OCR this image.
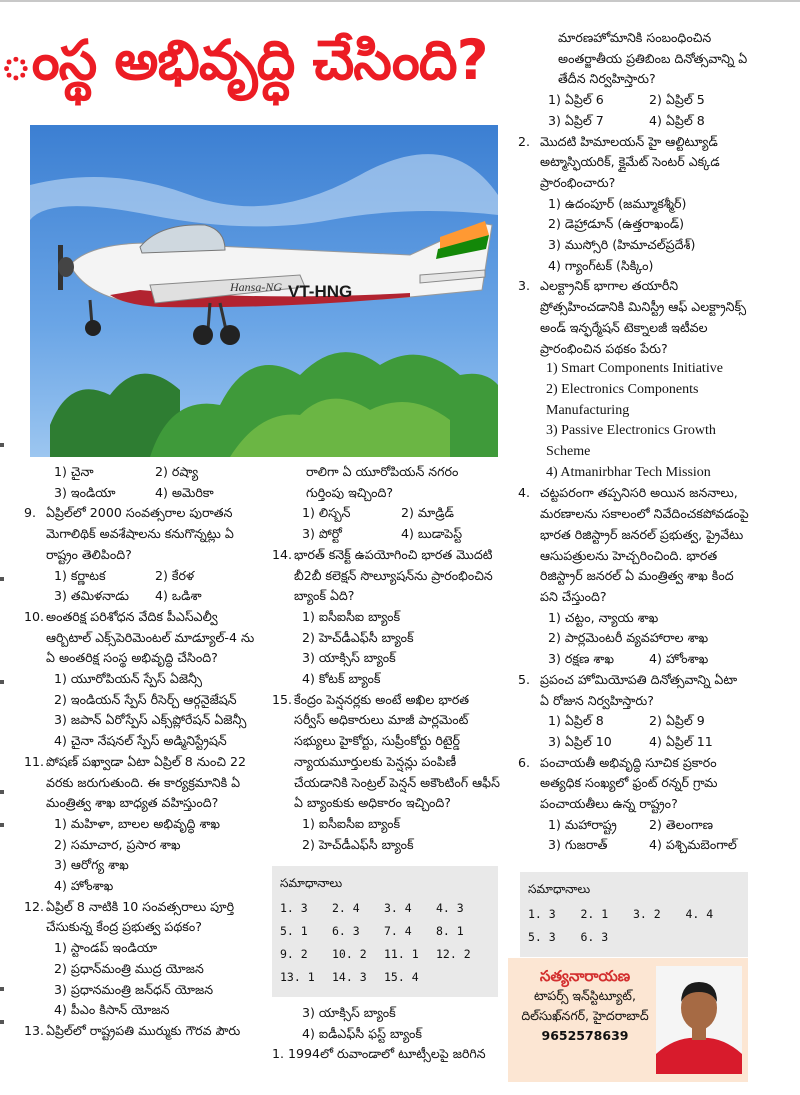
ంస్థ అభివృద్ధి చేసింది?
Hansa-NG VT-HNG
1) చైనా	2) రష్యా
3) ఇండియా	4) అమెరికా
9. ఏప్రిల్‌లో 2000 సంవత్సరాల పురాతన మెగాలిథిక్ అవశేషాలను కనుగొన్నట్లు ఏ రాష్ట్రం తెలిపింది?
1) కర్ణాటక	2) కేరళ
3) తమిళనాడు	4) ఒడిశా
10. అంతరిక్ష పరిశోధన వేదిక పీఎస్ఎల్వీ ఆర్బిటాల్ ఎక్స్‌పెరిమెంటల్ మాడ్యూల్-4 ను ఏ అంతరిక్ష సంస్థ అభివృద్ధి చేసింది?
1) యూరోపియన్ స్పేస్ ఏజెన్సీ
2) ఇండియన్ స్పేస్ రీసెర్చ్ ఆర్గనైజేషన్
3) జపాన్ ఏరోస్పేస్ ఎక్స్‌ప్లోరేషన్ ఏజెన్సీ
4) చైనా నేషనల్ స్పేస్ అడ్మినిస్ట్రేషన్
11. పోషణ్ పఖ్వాడా ఏటా ఏప్రిల్ 8 నుంచి 22 వరకు జరుగుతుంది. ఈ కార్యక్రమానికి ఏ మంత్రిత్వ శాఖ బాధ్యత వహిస్తుంది?
1) మహిళా, బాలల అభివృద్ధి శాఖ
2) సమాచార, ప్రసార శాఖ
3) ఆరోగ్య శాఖ
4) హోంశాఖ
12. ఏప్రిల్ 8 నాటికి 10 సంవత్సరాలు పూర్తి చేసుకున్న కేంద్ర ప్రభుత్వ పథకం?
1) స్టాండప్ ఇండియా
2) ప్రధాన్‌మంత్రి ముద్ర యోజన
3) ప్రధానమంత్రి జన్‌ధన్ యోజన
4) పీఎం కిసాన్ యోజన
13. ఏప్రిల్‌లో రాష్ట్రపతి ముర్ముకు గౌరవ పౌరు
రాలిగా ఏ యూరోపియన్ నగరం గుర్తింపు ఇచ్చింది?
1) లిస్బన్	2) మాడ్రిడ్
3) పోర్టో	4) బుడాపెస్ట్
14. భారత్ కనెక్ట్ ఉపయోగించి భారత మొదటి బీ2బీ కలెక్షన్ సొల్యూషన్‌ను ప్రారంభించిన బ్యాంక్ ఏది?
1) ఐసీఐసీఐ బ్యాంక్
2) హెచ్‌డీఎఫ్‌సీ బ్యాంక్
3) యాక్సిస్ బ్యాంక్
4) కోటక్ బ్యాంక్
15. కేంద్రం పెన్షనర్లకు అంటే అఖిల భారత సర్వీస్ అధికారులు మాజీ పార్లమెంట్ సభ్యులు హైకోర్టు, సుప్రీంకోర్టు రిటైర్డ్ న్యాయమూర్తులకు పెన్షన్లు పంపిణీ చేయడానికి సెంట్రల్ పెన్షన్ అకౌంటింగ్ ఆఫీస్ ఏ బ్యాంకుకు అధికారం ఇచ్చింది?
1) ఐసీఐసీఐ బ్యాంక్
2) హెచ్‌డీఎఫ్‌సీ బ్యాంక్
సమాధానాలు
1. 3	2. 4	3. 4	4. 3
5. 1	6. 3	7. 4	8. 1
9. 2	10. 2	11. 1	12. 2
13. 1	14. 3	15. 4
3) యాక్సిస్ బ్యాంక్
4) ఐడీఎఫ్‌సీ ఫస్ట్ బ్యాంక్
1. 1994లో రువాండాలో టూట్సీలపై జరిగిన
మారణహోమానికి సంబంధించిన అంతర్జాతీయ ప్రతిబింబ దినోత్సవాన్ని ఏ తేదీన నిర్వహిస్తారు?
1) ఏప్రిల్ 6	2) ఏప్రిల్ 5
3) ఏప్రిల్ 7	4) ఏప్రిల్ 8
2. మొదటి హిమాలయన్ హై ఆల్టిట్యూడ్ అట్మాస్ఫియరిక్, క్లైమేట్ సెంటర్ ఎక్కడ ప్రారంభించారు?
1) ఉదంపూర్ (జమ్మూకశ్మీర్)
2) డెహ్రాడూన్ (ఉత్తరాఖండ్)
3) ముస్సోరి (హిమాచల్‌ప్రదేశ్)
4) గ్యాంగ్‌టక్ (సిక్కిం)
3. ఎలక్ట్రానిక్ భాగాల తయారీని ప్రోత్సహించడానికి మినిస్ట్రీ ఆఫ్ ఎలక్ట్రానిక్స్ అండ్ ఇన్ఫర్మేషన్ టెక్నాలజీ ఇటీవల ప్రారంభించిన పథకం పేరు?
1) Smart Components Initiative
2) Electronics Components Manufacturing
3) Passive Electronics Growth Scheme
4) Atmanirbhar Tech Mission
4. చట్టపరంగా తప్పనిసరి అయిన జననాలు, మరణాలను సకాలంలో నివేదించకపోవడంపై భారత రిజిస్ట్రార్ జనరల్ ప్రభుత్వ, ప్రైవేటు ఆసుపత్రులను హెచ్చరించింది. భారత రిజిస్ట్రార్ జనరల్ ఏ మంత్రిత్వ శాఖ కింద పని చేస్తుంది?
1) చట్టం, న్యాయ శాఖ
2) పార్లమెంటరీ వ్యవహారాల శాఖ
3) రక్షణ శాఖ	4) హోంశాఖ
5. ప్రపంచ హోమియోపతి దినోత్సవాన్ని ఏటా ఏ రోజున నిర్వహిస్తారు?
1) ఏప్రిల్ 8	2) ఏప్రిల్ 9
3) ఏప్రిల్ 10	4) ఏప్రిల్ 11
6. పంచాయతీ అభివృద్ధి సూచిక ప్రకారం అత్యధిక సంఖ్యలో ఫ్రంట్ రన్నర్ గ్రామ పంచాయతీలు ఉన్న రాష్ట్రం?
1) మహారాష్ట్ర	2) తెలంగాణ
3) గుజరాత్	4) పశ్చిమబెంగాల్
సమాధానాలు
1. 3	2. 1	3. 2	4. 4
5. 3	6. 3
సత్యనారాయణ
టాపర్స్ ఇన్‌స్టిట్యూట్,
దిల్‌సుఖ్‌నగర్, హైదరాబాద్
9652578639
